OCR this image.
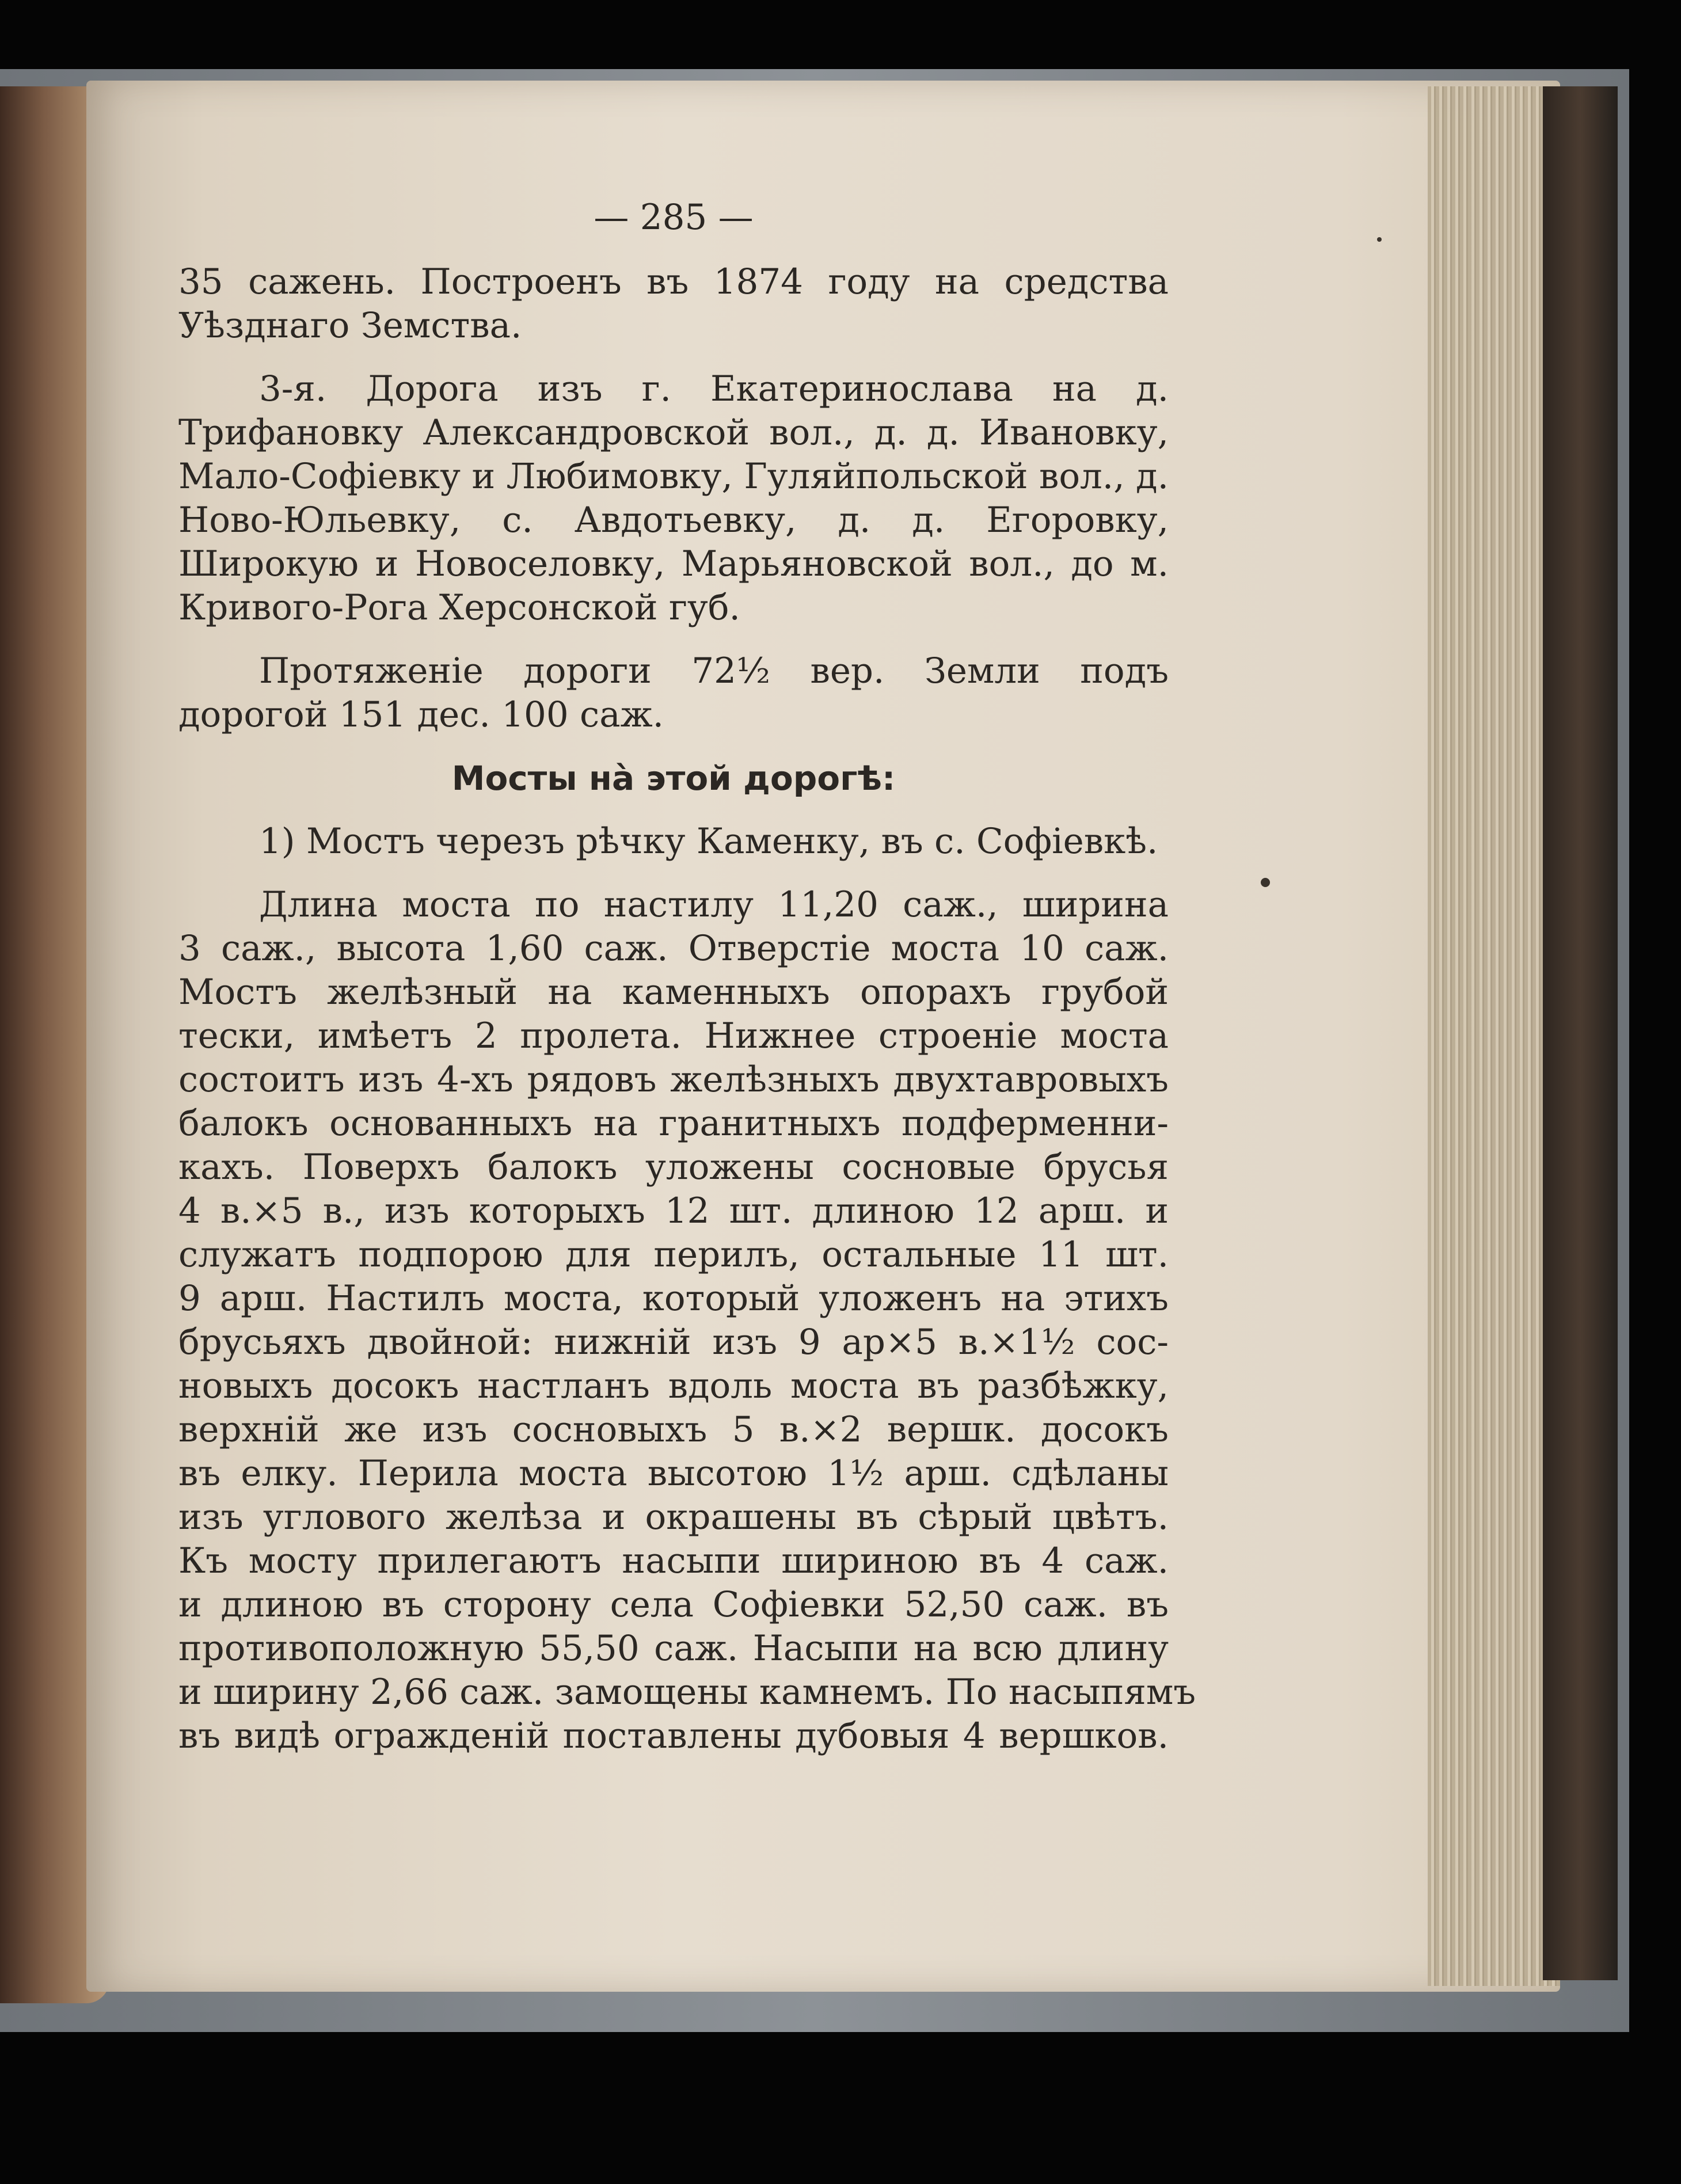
— 285 —

35 сажень. Построенъ въ 1874 году на средства Уѣзднаго Земства.

3-я. Дорога изъ г. Екатеринослава на д. Трифановку Александровской вол., д. д. Ивановку, Мало-Софіевку и Любимовку, Гуляйпольской вол., д. Ново-Юльевку, с. Авдотьевку, д. д. Егоровку, Широкую и Новоселовку, Марьяновской вол., до м. Кривого-Рога Херсонской губ.

Протяженіе дороги 72½ вер. Земли подъ дорогой 151 дес. 100 саж.

Мосты на̀ этой дорогѣ:

1) Мостъ черезъ рѣчку Каменку, въ с. Софіевкѣ.

Длина моста по настилу 11,20 саж., ширина
3 саж., высота 1,60 саж. Отверстіе моста 10 саж.
Мостъ желѣзный на каменныхъ опорахъ грубой
тески, имѣетъ 2 пролета. Нижнее строеніе моста
состоитъ изъ 4-хъ рядовъ желѣзныхъ двухтавровыхъ
балокъ основанныхъ на гранитныхъ подферменни-
кахъ. Поверхъ балокъ уложены сосновые брусья
4 в.×5 в., изъ которыхъ 12 шт. длиною 12 арш. и
служатъ подпорою для перилъ, остальные 11 шт.
9 арш. Настилъ моста, который уложенъ на этихъ
брусьяхъ двойной: нижній изъ 9 ар×5 в.×1½ сос-
новыхъ досокъ настланъ вдоль моста въ разбѣжку,
верхній же изъ сосновыхъ 5 в.×2 вершк. досокъ
въ елку. Перила моста высотою 1½ арш. сдѣланы
изъ углового желѣза и окрашены въ сѣрый цвѣтъ.
Къ мосту прилегаютъ насыпи шириною въ 4 саж.
и длиною въ сторону села Софіевки 52,50 саж. въ
противоположную 55,50 саж. Насыпи на всю длину
и ширину 2,66 саж. замощены камнемъ. По насыпямъ
въ видѣ огражденій поставлены дубовыя 4 вершков.
